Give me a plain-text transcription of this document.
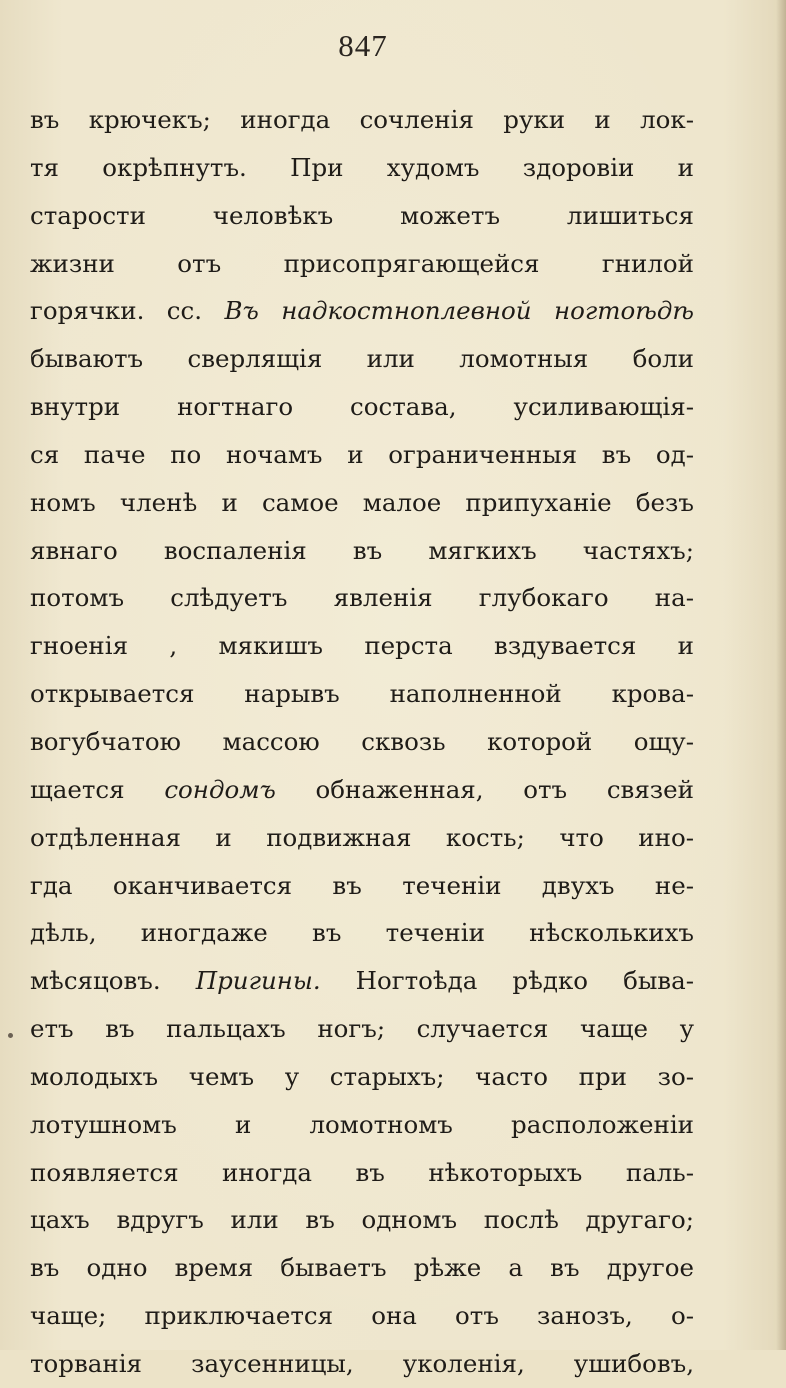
847
въ крючекъ; иногда сочленія руки и лок-
тя окрѣпнутъ. При худомъ здоровіи и
старости человѣкъ можетъ лишиться
жизни отъ присопрягающейся гнилой
горячки. сс. Въ надкостноплевной ногтоѣдѣ
бываютъ сверлящія или ломотныя боли
внутри ногтнаго состава, усиливающія-
ся паче по ночамъ и ограниченныя въ од-
номъ членѣ и самое малое припуханіе безъ
явнаго воспаленія въ мягкихъ частяхъ;
потомъ слѣдуетъ явленія глубокаго на-
гноенія , мякишъ перста вздувается и
открывается нарывъ наполненной крова-
вогубчатою массою сквозь которой ощу-
щается сондомъ обнаженная, отъ связей
отдѣленная и подвижная кость; что ино-
гда оканчивается въ теченіи двухъ не-
дѣль, иногдаже въ теченіи нѣсколькихъ
мѣсяцовъ. Пригины. Ногтоѣда рѣдко быва-
етъ въ пальцахъ ногъ; случается чаще у
молодыхъ чемъ у старыхъ; часто при зо-
лотушномъ и ломотномъ расположеніи
появляется иногда въ нѣкоторыхъ паль-
цахъ вдругъ или въ одномъ послѣ другаго;
въ одно время бываетъ рѣже а въ другое
чаще; приключается она отъ занозъ, о-
торванія заусенницы, уколенія, ушибовъ,
